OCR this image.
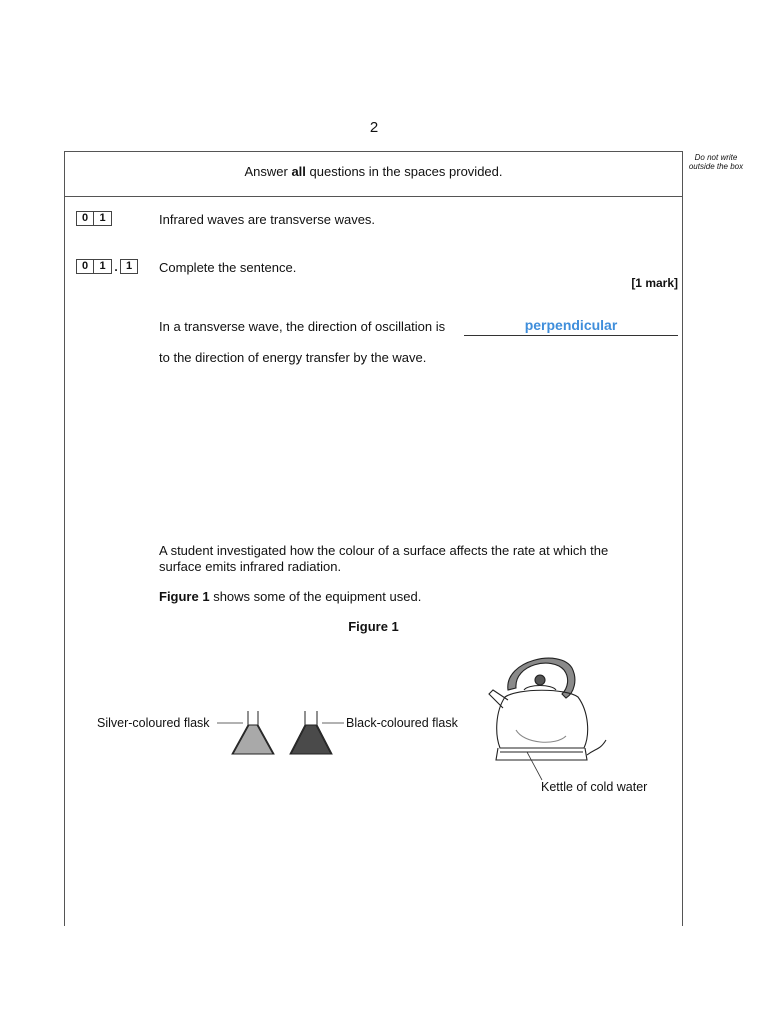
2
Do not write outside the box
Answer all questions in the spaces provided.
0	1	Infrared waves are transverse waves.
0	1 . 1	Complete the sentence.
[1 mark]
In a transverse wave, the direction of oscillation is	perpendicular
to the direction of energy transfer by the wave.
A student investigated how the colour of a surface affects the rate at which the surface emits infrared radiation.
Figure 1 shows some of the equipment used.
Figure 1
Silver-coloured flask	Black-coloured flask
Kettle of cold water
